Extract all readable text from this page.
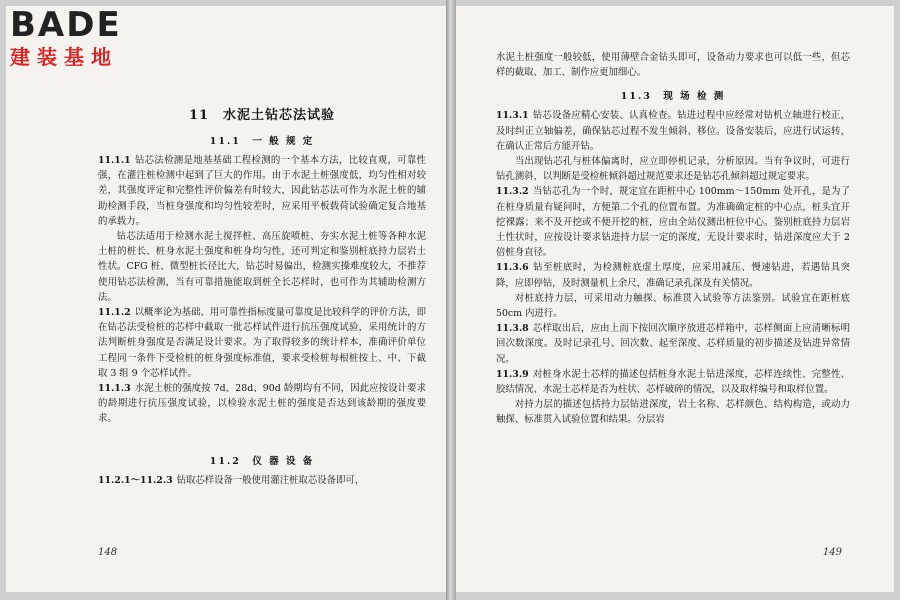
11　水泥土钻芯法试验
11.1　一 般 规 定

11.1.1 钻芯法检测是地基基础工程检测的一个基本方法，比较直观，可靠性强，在灌注桩检测中起到了巨大的作用。由于水泥土桩强度低，均匀性相对较差，其强度评定和完整性评价偏差有时较大，因此钻芯法可作为水泥土桩的辅助检测手段，当桩身强度和均匀性较差时，应采用平板载荷试验确定复合地基的承载力。

钻芯法适用于检测水泥土搅拌桩、高压旋喷桩、夯实水泥土桩等各种水泥土桩的桩长、桩身水泥土强度和桩身均匀性，还可判定和鉴别桩底持力层岩土性状。CFG 桩、微型桩长径比大，钻芯时易偏出，检测实操难度较大，不推荐使用钻芯法检测，当有可靠措施能取到桩全长芯样时，也可作为其辅助检测方法。

11.1.2 以概率论为基础、用可靠性指标度量可靠度是比较科学的评价方法，即在钻芯法受检桩的芯样中截取一批芯样试件进行抗压强度试验，采用统计的方法判断桩身强度是否满足设计要求。为了取得较多的统计样本，准确评价单位工程同一条件下受检桩的桩身强度标准值，要求受检桩每根桩按上、中、下截取 3 组 9 个芯样试件。

11.1.3 水泥土桩的强度按 7d、28d、90d 龄期均有不同，因此应按设计要求的龄期进行抗压强度试验，以检验水泥土桩的强度是否达到该龄期的强度要求。

11.2　仪 器 设 备

11.2.1～11.2.3 钻取芯样设备一般使用灌注桩取芯设备即可，

148

水泥土桩强度一般较低，使用薄壁合金钻头即可，设备动力要求也可以低一些，但芯样的截取、加工、制作应更加细心。

11.3　现 场 检 测

11.3.1 钻芯设备应精心安装、认真检查。钻进过程中应经常对钻机立轴进行校正，及时纠正立轴偏差，确保钻芯过程不发生倾斜、移位。设备安装后，应进行试运转，在确认正常后方能开钻。

当出现钻芯孔与桩体偏离时，应立即停机记录，分析原因。当有争议时，可进行钻孔测斜，以判断是受检桩倾斜超过规范要求还是钻芯孔倾斜超过规定要求。

11.3.2 当钻芯孔为一个时，规定宜在距桩中心 100mm～150mm 处开孔，是为了在桩身质量有疑问时，方便第二个孔的位置布置。为准确确定桩的中心点，桩头宜开挖裸露；来不及开挖或不便开挖的桩，应由全站仪测出桩位中心。鉴别桩底持力层岩土性状时，应按设计要求钻进持力层一定的深度，无设计要求时，钻进深度应大于 2 倍桩身直径。

11.3.6 钻至桩底时，为检测桩底虚土厚度，应采用减压、慢速钻进，若遇钻具突降，应即停钻，及时测量机上余尺，准确记录孔深及有关情况。

对桩底持力层，可采用动力触探、标准贯入试验等方法鉴别。试验宜在距桩底 50cm 内进行。

11.3.8 芯样取出后，应由上而下按回次顺序放进芯样箱中，芯样侧面上应清晰标明回次数深度。及时记录孔号、回次数、起至深度、芯样质量的初步描述及钻进异常情况。

11.3.9 对桩身水泥土芯样的描述包括桩身水泥土钻进深度，芯样连续性、完整性、胶结情况、水泥土芯样是否为柱状、芯样破碎的情况，以及取样编号和取样位置。

对持力层的描述包括持力层钻进深度，岩土名称、芯样颜色、结构构造，或动力触探、标准贯入试验位置和结果。分层岩

149
BADE
建装基地
